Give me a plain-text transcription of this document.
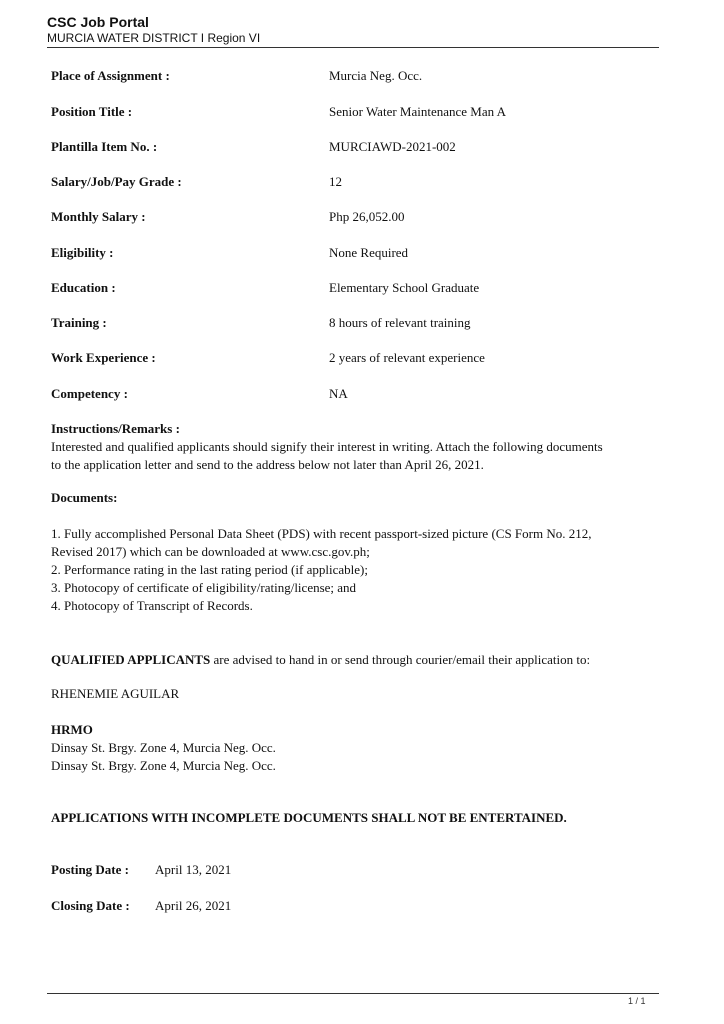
CSC Job Portal
MURCIA WATER DISTRICT I Region VI
Place of Assignment :	Murcia Neg. Occ.
Position Title :	Senior Water Maintenance Man A
Plantilla Item No. :	MURCIAWD-2021-002
Salary/Job/Pay Grade :	12
Monthly Salary :	Php 26,052.00
Eligibility :	None Required
Education :	Elementary School Graduate
Training :	8 hours of relevant training
Work Experience :	2 years of relevant experience
Competency :	NA
Instructions/Remarks :
Interested and qualified applicants should signify their interest in writing. Attach the following documents
to the application letter and send to the address below not later than April 26, 2021.
Documents:
1. Fully accomplished Personal Data Sheet (PDS) with recent passport-sized picture (CS Form No. 212,
Revised 2017) which can be downloaded at www.csc.gov.ph;
2. Performance rating in the last rating period (if applicable);
3. Photocopy of certificate of eligibility/rating/license; and
4. Photocopy of Transcript of Records.
QUALIFIED APPLICANTS are advised to hand in or send through courier/email their application to:
RHENEMIE AGUILAR
HRMO
Dinsay St. Brgy. Zone 4, Murcia Neg. Occ.
Dinsay St. Brgy. Zone 4, Murcia Neg. Occ.
APPLICATIONS WITH INCOMPLETE DOCUMENTS SHALL NOT BE ENTERTAINED.
Posting Date : April 13, 2021
Closing Date : April 26, 2021
1 / 1
